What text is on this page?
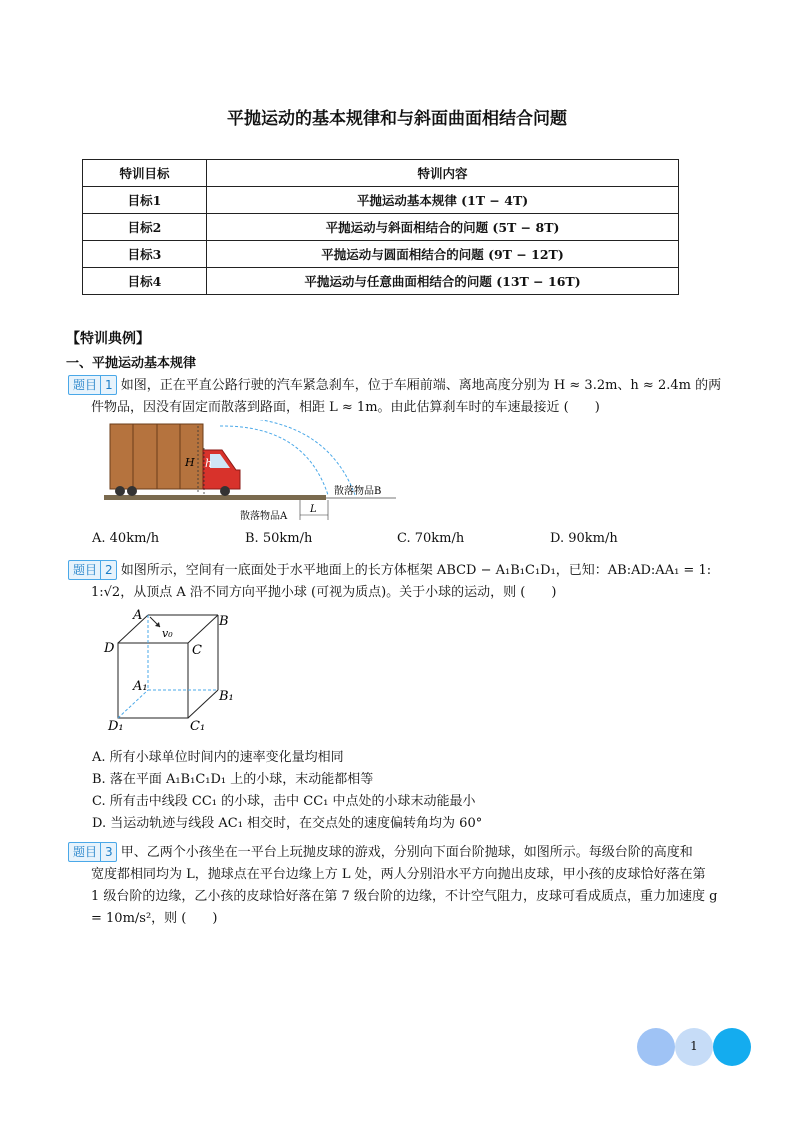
平抛运动的基本规律和与斜面曲面相结合问题
特训目标	特训内容
目标1	平抛运动基本规律 (1T − 4T)
目标2	平抛运动与斜面相结合的问题 (5T − 8T)
目标3	平抛运动与圆面相结合的问题 (9T − 12T)
目标4	平抛运动与任意曲面相结合的问题 (13T − 16T)
【特训典例】
一、平抛运动基本规律
题目 1 如图，正在平直公路行驶的汽车紧急刹车，位于车厢前端、离地高度分别为 H ≈ 3.2m、h ≈ 2.4m 的两
件物品，因没有固定而散落到路面，相距 L ≈ 1m。由此估算刹车时的车速最接近 (　　)
H h
散落物品B
散落物品A
L
A. 40km/h	B. 50km/h	C. 70km/h	D. 90km/h
题目 2 如图所示，空间有一底面处于水平地面上的长方体框架 ABCD − A₁B₁C₁D₁，已知：AB:AD:AA₁ = 1:
1:√2，从顶点 A 沿不同方向平抛小球 (可视为质点)。关于小球的运动，则 (　　)
A	B
D	C
v₀
A₁
B₁
D₁	C₁
A. 所有小球单位时间内的速率变化量均相同
B. 落在平面 A₁B₁C₁D₁ 上的小球，末动能都相等
C. 所有击中线段 CC₁ 的小球，击中 CC₁ 中点处的小球末动能最小
D. 当运动轨迹与线段 AC₁ 相交时，在交点处的速度偏转角均为 60°
题目 3 甲、乙两个小孩坐在一平台上玩抛皮球的游戏，分别向下面台阶抛球，如图所示。每级台阶的高度和
宽度都相同均为 L，抛球点在平台边缘上方 L 处，两人分别沿水平方向抛出皮球，甲小孩的皮球恰好落在第
1 级台阶的边缘，乙小孩的皮球恰好落在第 7 级台阶的边缘，不计空气阻力，皮球可看成质点，重力加速度 g
= 10m/s²，则 (　　)
1
